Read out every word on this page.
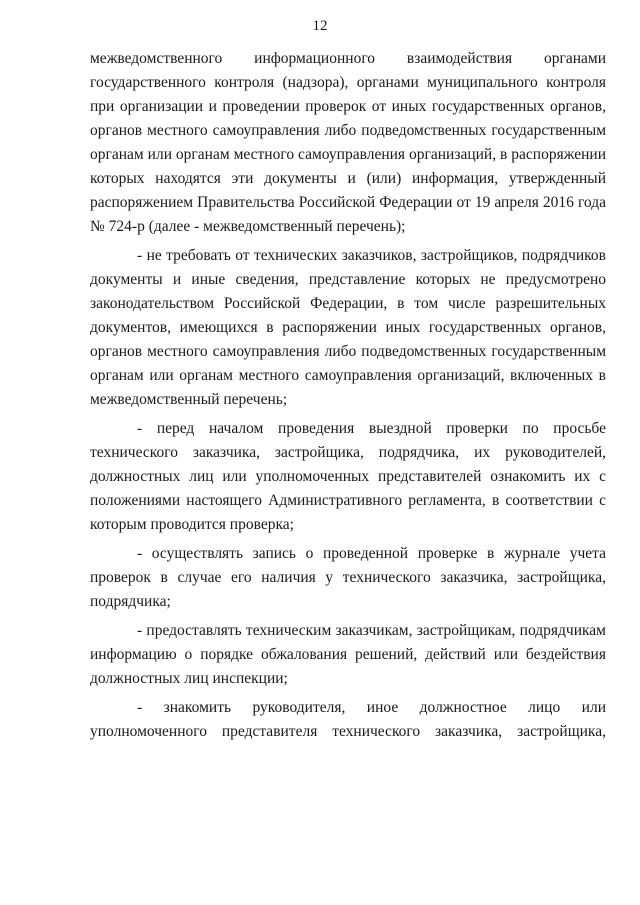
12

межведомственного информационного взаимодействия органами государственного контроля (надзора), органами муниципального контроля при организации и проведении проверок от иных государственных органов, органов местного самоуправления либо подведомственных государственным органам или органам местного самоуправления организаций, в распоряжении которых находятся эти документы и (или) информация, утвержденный распоряжением Правительства Российской Федерации от 19 апреля 2016 года № 724-р (далее - межведомственный перечень);

- не требовать от технических заказчиков, застройщиков, подрядчиков документы и иные сведения, представление которых не предусмотрено законодательством Российской Федерации, в том числе разрешительных документов, имеющихся в распоряжении иных государственных органов, органов местного самоуправления либо подведомственных государственным органам или органам местного самоуправления организаций, включенных в межведомственный перечень;

- перед началом проведения выездной проверки по просьбе технического заказчика, застройщика, подрядчика, их руководителей, должностных лиц или уполномоченных представителей ознакомить их с положениями настоящего Административного регламента, в соответствии с которым проводится проверка;

- осуществлять запись о проведенной проверке в журнале учета проверок в случае его наличия у технического заказчика, застройщика, подрядчика;

- предоставлять техническим заказчикам, застройщикам, подрядчикам информацию о порядке обжалования решений, действий или бездействия должностных лиц инспекции;

- знакомить руководителя, иное должностное лицо или уполномоченного представителя технического заказчика, застройщика,
